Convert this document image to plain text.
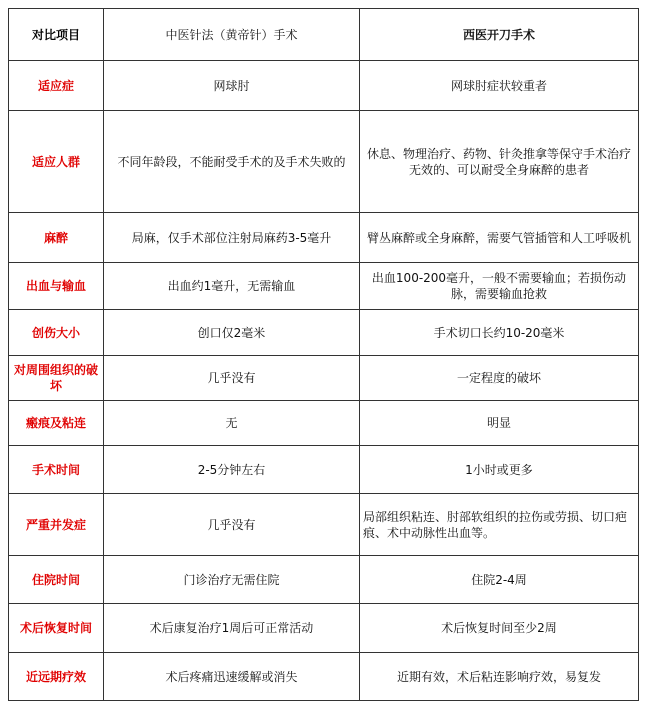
对比项目	中医针法（黄帝针）手术	西医开刀手术
适应症	网球肘	网球肘症状较重者
适应人群	不同年龄段，不能耐受手术的及手术失败的	休息、物理治疗、药物、针灸推拿等保守手术治疗无效的、可以耐受全身麻醉的患者
麻醉	局麻，仅手术部位注射局麻药3-5毫升	臂丛麻醉或全身麻醉，需要气管插管和人工呼吸机
出血与输血	出血约1毫升，无需输血	出血100-200毫升，一般不需要输血；若损伤动脉，需要输血抢救
创伤大小	创口仅2毫米	手术切口长约10-20毫米
对周围组织的破坏	几乎没有	一定程度的破坏
瘢痕及粘连	无	明显
手术时间	2-5分钟左右	1小时或更多
严重并发症	几乎没有	局部组织粘连、肘部软组织的拉伤或劳损、切口疤痕、术中动脉性出血等。
住院时间	门诊治疗无需住院	住院2-4周
术后恢复时间	术后康复治疗1周后可正常活动	术后恢复时间至少2周
近远期疗效	术后疼痛迅速缓解或消失	近期有效，术后粘连影响疗效，易复发
